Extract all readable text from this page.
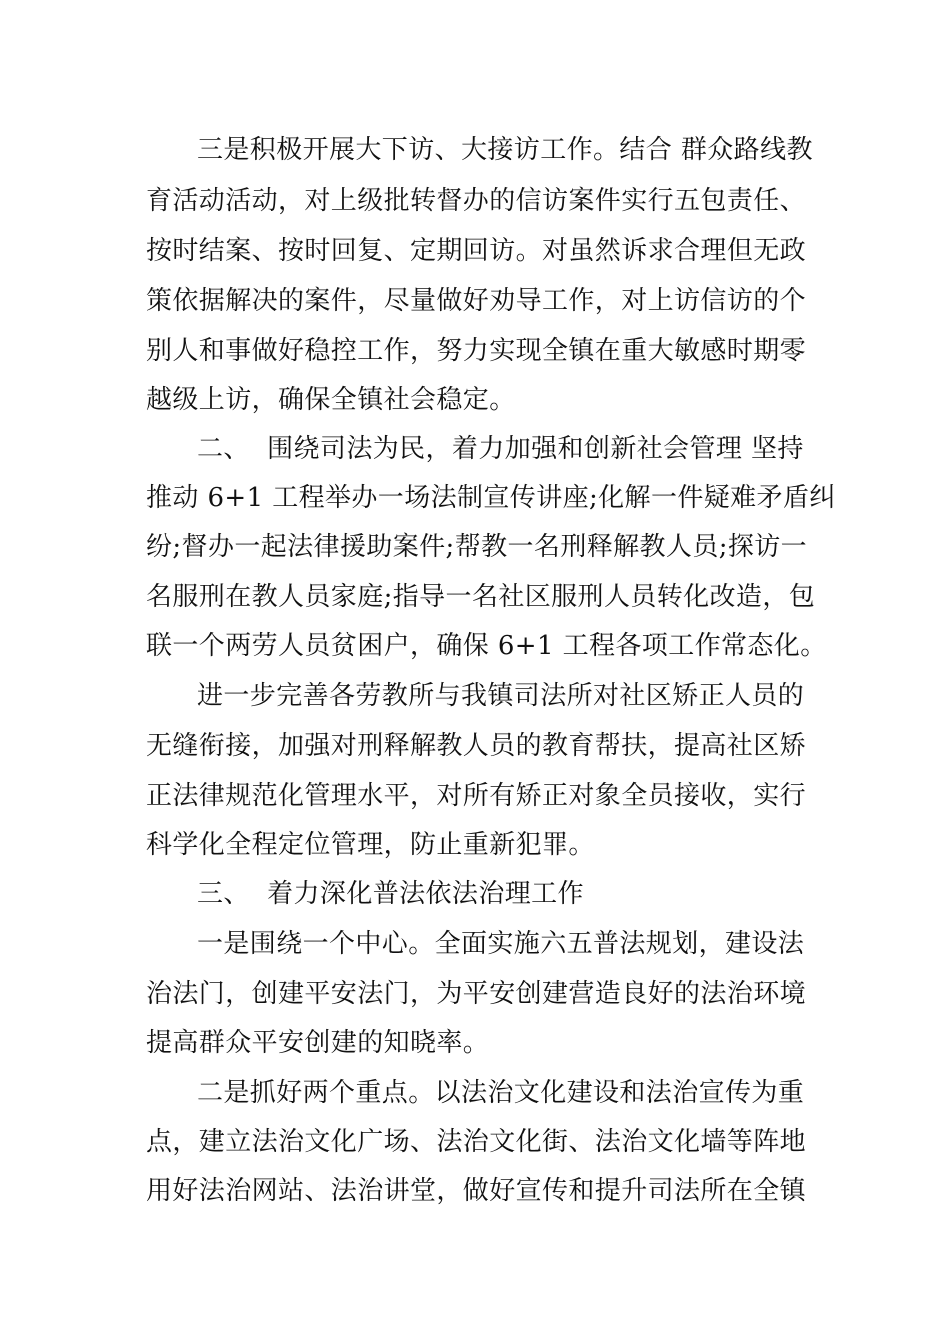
三是积极开展大下访、大接访工作。结合 群众路线教
育活动活动，对上级批转督办的信访案件实行五包责任、
按时结案、按时回复、定期回访。对虽然诉求合理但无政
策依据解决的案件，尽量做好劝导工作，对上访信访的个
别人和事做好稳控工作，努力实现全镇在重大敏感时期零
越级上访，确保全镇社会稳定。
二、  围绕司法为民，着力加强和创新社会管理 坚持
推动 6+1 工程举办一场法制宣传讲座;化解一件疑难矛盾纠
纷;督办一起法律援助案件;帮教一名刑释解教人员;探访一
名服刑在教人员家庭;指导一名社区服刑人员转化改造，包
联一个两劳人员贫困户，确保 6+1 工程各项工作常态化。
进一步完善各劳教所与我镇司法所对社区矫正人员的
无缝衔接，加强对刑释解教人员的教育帮扶，提高社区矫
正法律规范化管理水平，对所有矫正对象全员接收，实行
科学化全程定位管理，防止重新犯罪。
三、  着力深化普法依法治理工作
一是围绕一个中心。全面实施六五普法规划，建设法
治法门，创建平安法门，为平安创建营造良好的法治环境
提高群众平安创建的知晓率。
二是抓好两个重点。以法治文化建设和法治宣传为重
点，建立法治文化广场、法治文化街、法治文化墙等阵地
用好法治网站、法治讲堂，做好宣传和提升司法所在全镇
